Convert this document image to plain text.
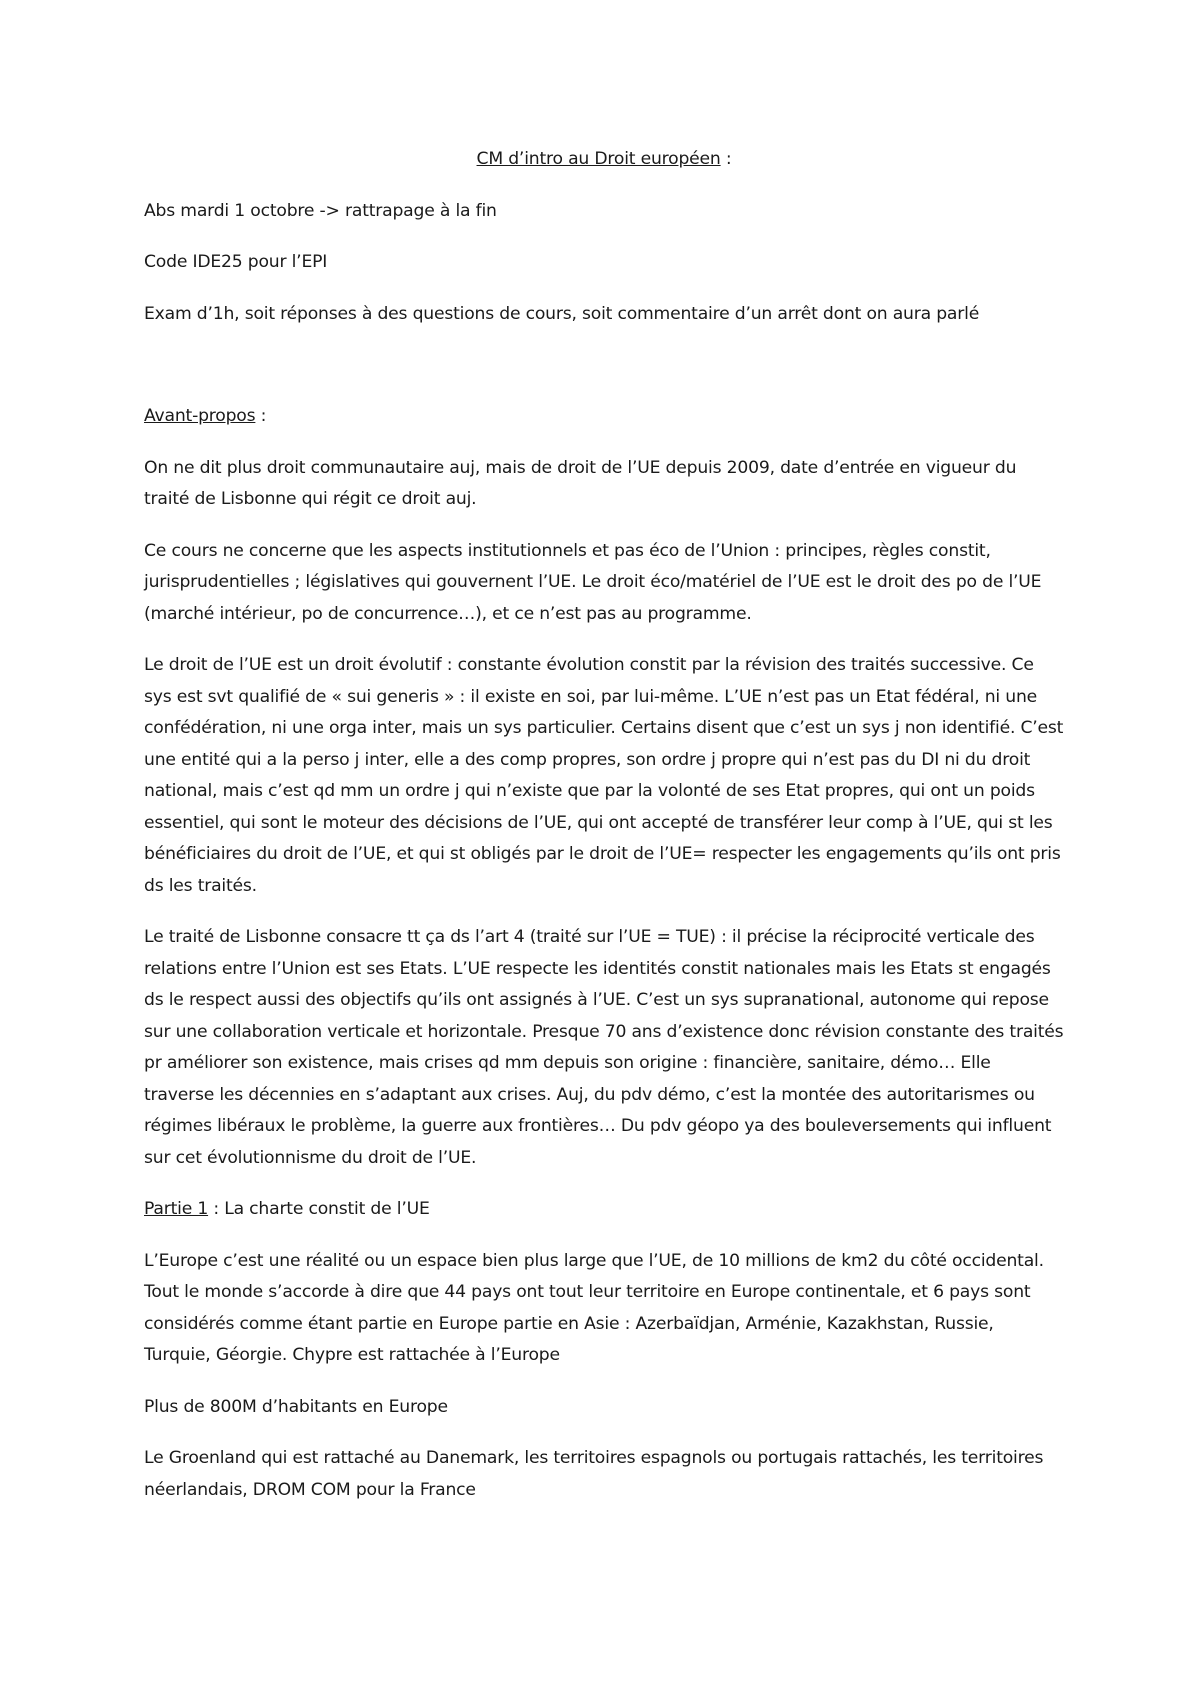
CM d’intro au Droit européen :

Abs mardi 1 octobre -> rattrapage à la fin

Code IDE25 pour l’EPI

Exam d’1h, soit réponses à des questions de cours, soit commentaire d’un arrêt dont on aura parlé

Avant-propos :

On ne dit plus droit communautaire auj, mais de droit de l’UE depuis 2009, date d’entrée en vigueur du traité de Lisbonne qui régit ce droit auj.

Ce cours ne concerne que les aspects institutionnels et pas éco de l’Union : principes, règles constit, jurisprudentielles ; législatives qui gouvernent l’UE. Le droit éco/matériel de l’UE est le droit des po de l’UE (marché intérieur, po de concurrence…), et ce n’est pas au programme.

Le droit de l’UE est un droit évolutif : constante évolution constit par la révision des traités successive. Ce sys est svt qualifié de « sui generis » : il existe en soi, par lui-même. L’UE n’est pas un Etat fédéral, ni une confédération, ni une orga inter, mais un sys particulier. Certains disent que c’est un sys j non identifié. C’est une entité qui a la perso j inter, elle a des comp propres, son ordre j propre qui n’est pas du DI ni du droit national, mais c’est qd mm un ordre j qui n’existe que par la volonté de ses Etat propres, qui ont un poids essentiel, qui sont le moteur des décisions de l’UE, qui ont accepté de transférer leur comp à l’UE, qui st les bénéficiaires du droit de l’UE, et qui st obligés par le droit de l’UE= respecter les engagements qu’ils ont pris ds les traités.

Le traité de Lisbonne consacre tt ça ds l’art 4 (traité sur l’UE = TUE) : il précise la réciprocité verticale des relations entre l’Union est ses Etats. L’UE respecte les identités constit nationales mais les Etats st engagés ds le respect aussi des objectifs qu’ils ont assignés à l’UE. C’est un sys supranational, autonome qui repose sur une collaboration verticale et horizontale. Presque 70 ans d’existence donc révision constante des traités pr améliorer son existence, mais crises qd mm depuis son origine : financière, sanitaire, démo… Elle traverse les décennies en s’adaptant aux crises. Auj, du pdv démo, c’est la montée des autoritarismes ou régimes libéraux le problème, la guerre aux frontières… Du pdv géopo ya des bouleversements qui influent sur cet évolutionnisme du droit de l’UE.

Partie 1 : La charte constit de l’UE

L’Europe c’est une réalité ou un espace bien plus large que l’UE, de 10 millions de km2 du côté occidental. Tout le monde s’accorde à dire que 44 pays ont tout leur territoire en Europe continentale, et 6 pays sont considérés comme étant partie en Europe partie en Asie : Azerbaïdjan, Arménie, Kazakhstan, Russie, Turquie, Géorgie. Chypre est rattachée à l’Europe

Plus de 800M d’habitants en Europe

Le Groenland qui est rattaché au Danemark, les territoires espagnols ou portugais rattachés, les territoires néerlandais, DROM COM pour la France
